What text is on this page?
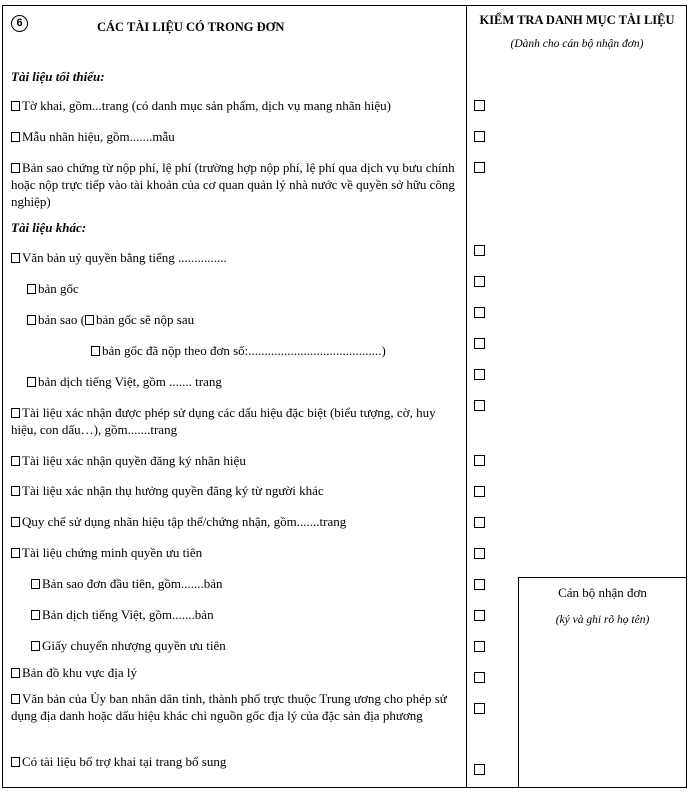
6	CÁC TÀI LIỆU CÓ TRONG ĐƠN	KIỂM TRA DANH MỤC TÀI LIỆU
(Dành cho cán bộ nhận đơn)
Tài liệu tối thiểu:
Tờ khai, gồm...trang (có danh mục sản phẩm, dịch vụ mang nhãn hiệu)
Mẫu nhãn hiệu, gồm.......mẫu
Bản sao chứng từ nộp phí, lệ phí (trường hợp nộp phí, lệ phí qua dịch vụ bưu chính hoặc nộp trực tiếp vào tài khoản của cơ quan quản lý nhà nước về quyền sở hữu công nghiệp)
Tài liệu khác:
Văn bản uỷ quyền bằng tiếng ...............
bản gốc
bản sao ( bản gốc sẽ nộp sau
bản gốc đã nộp theo đơn số:.........................................)
bản dịch tiếng Việt, gồm ....... trang
Tài liệu xác nhận được phép sử dụng các dấu hiệu đặc biệt (biểu tượng, cờ, huy hiệu, con dấu…), gồm.......trang
Tài liệu xác nhận quyền đăng ký nhãn hiệu
Tài liệu xác nhận thụ hưởng quyền đăng ký từ người khác
Quy chế sử dụng nhãn hiệu tập thể/chứng nhận, gồm.......trang
Tài liệu chứng minh quyền ưu tiên
Bản sao đơn đầu tiên, gồm.......bản
Bản dịch tiếng Việt, gồm.......bản
Giấy chuyển nhượng quyền ưu tiên
Bản đồ khu vực địa lý
Văn bản của Ủy ban nhân dân tỉnh, thành phố trực thuộc Trung ương cho phép sử dụng địa danh hoặc dấu hiệu khác chỉ nguồn gốc địa lý của đặc sản địa phương
Có tài liệu bổ trợ khai tại trang bổ sung
Cán bộ nhận đơn
(ký và ghi rõ họ tên)
